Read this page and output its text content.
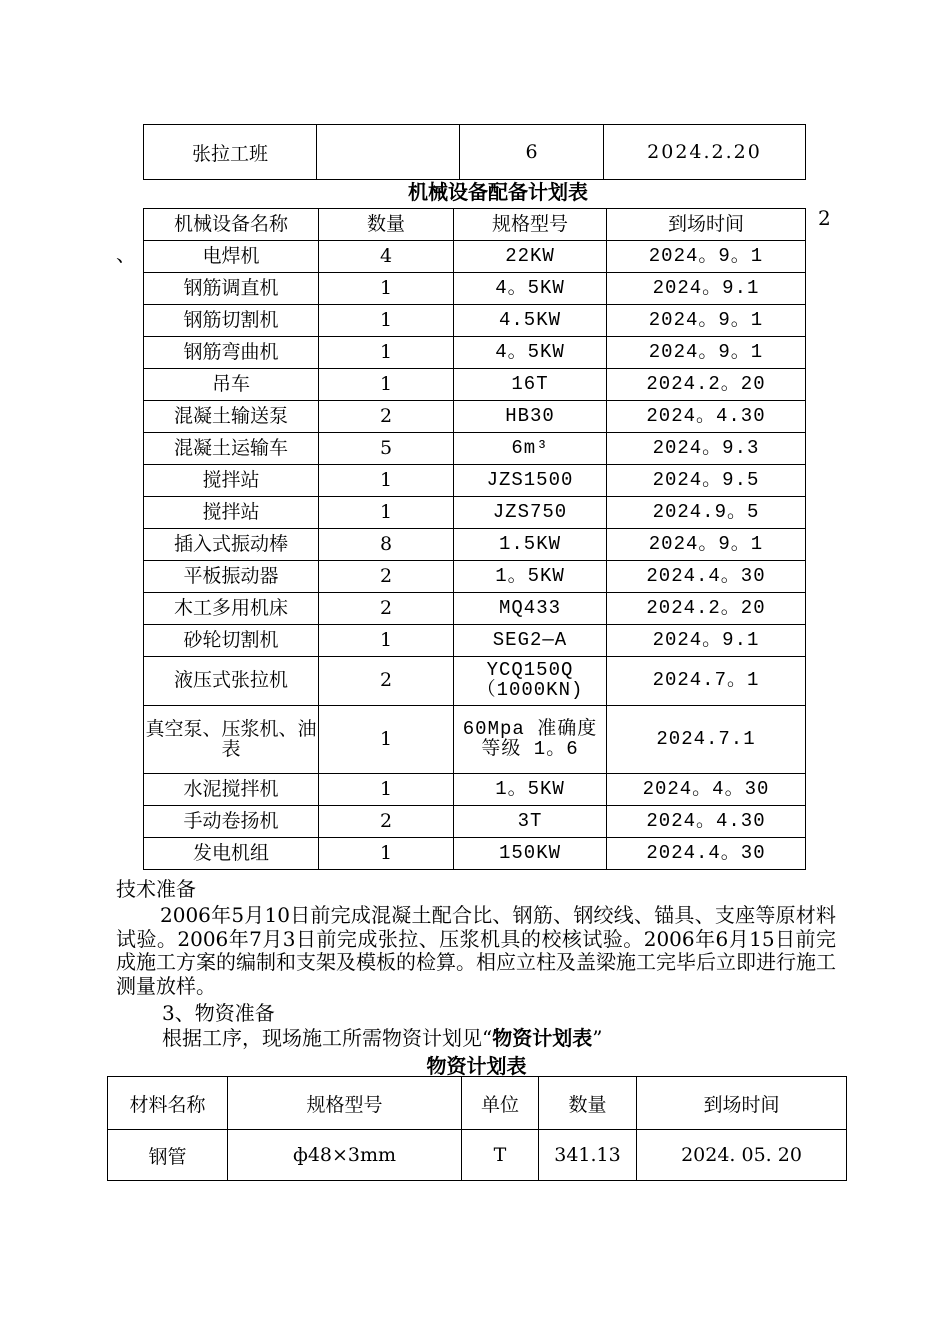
张拉工班		6	2024.2.20
机械设备配备计划表
2
、
机械设备名称	数量	规格型号	到场时间
电焊机	4	22KW	2024。9。1
钢筋调直机	1	4。5KW	2024。9.1
钢筋切割机	1	4.5KW	2024。9。1
钢筋弯曲机	1	4。5KW	2024。9。1
吊车	1	16T	2024.2。20
混凝土输送泵	2	HB30	2024。4.30
混凝土运输车	5	6m³	2024。9.3
搅拌站	1	JZS1500	2024。9.5
搅拌站	1	JZS750	2024.9。5
插入式振动棒	8	1.5KW	2024。9。1
平板振动器	2	1。5KW	2024.4。30
木工多用机床	2	MQ433	2024.2。20
砂轮切割机	1	SEG2—A	2024。9.1
液压式张拉机	2	YCQ150Q（1000KN)	2024.7。1
真空泵、压浆机、油表	1	60Mpa 准确度等级 1。6	2024.7.1
水泥搅拌机	1	1。5KW	2024。4。30
手动卷扬机	2	3T	2024。4.30
发电机组	1	150KW	2024.4。30
技术准备
2006年5月10日前完成混凝土配合比、钢筋、钢绞线、锚具、支座等原材料试验。2006年7月3日前完成张拉、压浆机具的校核试验。2006年6月15日前完成施工方案的编制和支架及模板的检算。相应立柱及盖梁施工完毕后立即进行施工测量放样。
3、物资准备
根据工序，现场施工所需物资计划见“物资计划表”
物资计划表
材料名称	规格型号	单位	数量	到场时间
钢管	ф48×3mm	T	341.13	2024. 05. 20
